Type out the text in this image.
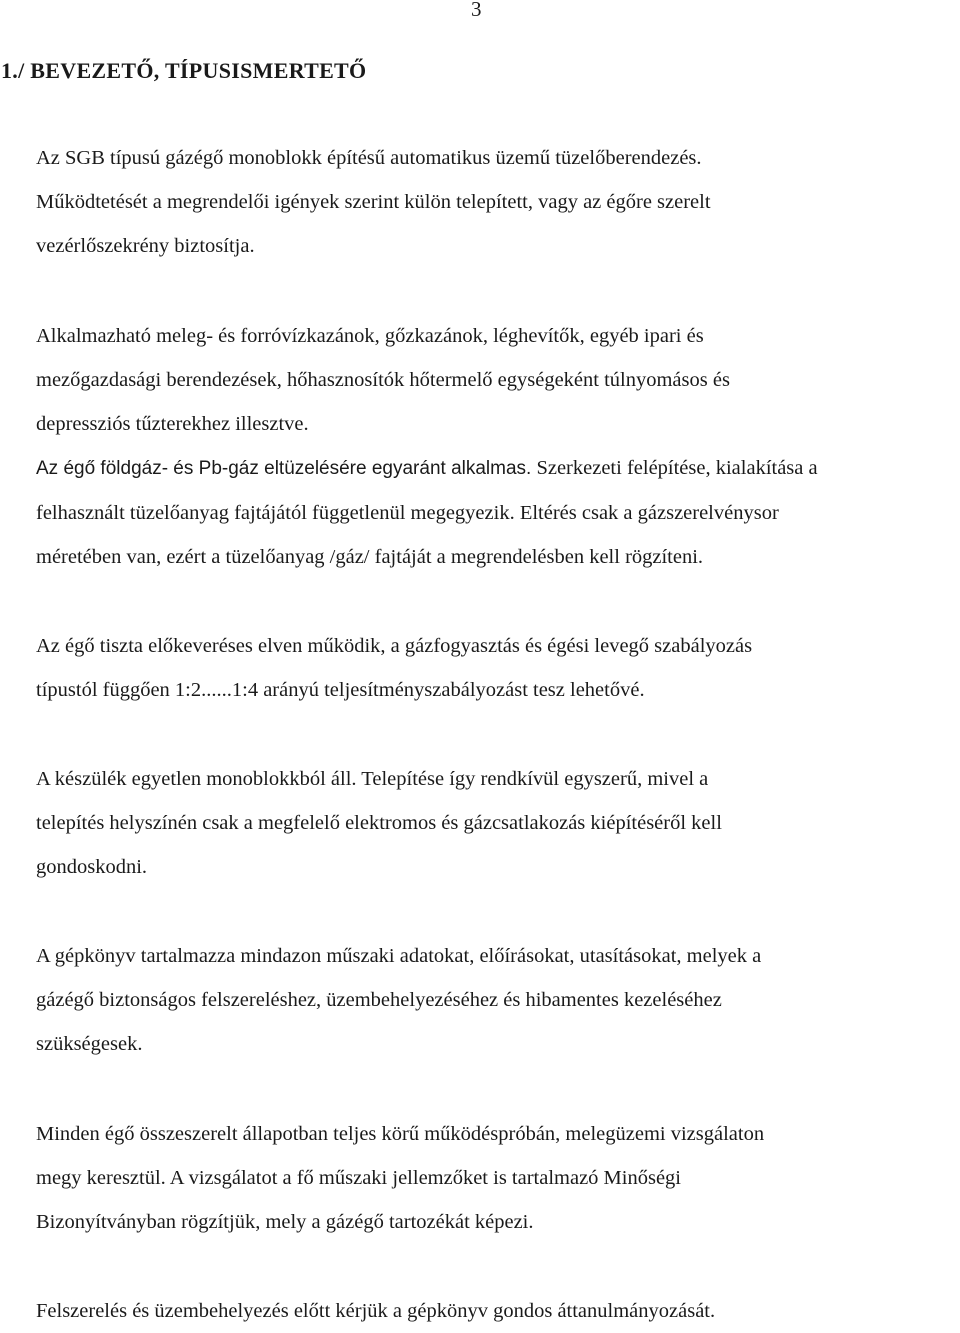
3
1./ BEVEZETŐ, TÍPUSISMERTETŐ

Az SGB típusú gázégő monoblokk építésű automatikus üzemű tüzelőberendezés.
Működtetését a megrendelői igények szerint külön telepített, vagy az égőre szerelt
vezérlőszekrény biztosítja.

Alkalmazható meleg- és forróvízkazánok, gőzkazánok, léghevítők, egyéb ipari és
mezőgazdasági berendezések, hőhasznosítók hőtermelő egységeként túlnyomásos és
depressziós tűzterekhez illesztve.

Az égő földgáz- és Pb-gáz eltüzelésére egyaránt alkalmas. Szerkezeti felépítése, kialakítása a
felhasznált tüzelőanyag fajtájától függetlenül megegyezik. Eltérés csak a gázszerelvénysor
méretében van, ezért a tüzelőanyag /gáz/ fajtáját a megrendelésben kell rögzíteni.

Az égő tiszta előkeveréses elven működik, a gázfogyasztás és égési levegő szabályozás
típustól függően 1:2......1:4 arányú teljesítményszabályozást tesz lehetővé.

A készülék egyetlen monoblokkból áll. Telepítése így rendkívül egyszerű, mivel a
telepítés helyszínén csak a megfelelő elektromos és gázcsatlakozás kiépítéséről kell
gondoskodni.

A gépkönyv tartalmazza mindazon műszaki adatokat, előírásokat, utasításokat, melyek a
gázégő biztonságos felszereléshez, üzembehelyezéséhez és hibamentes kezeléséhez
szükségesek.

Minden égő összeszerelt állapotban teljes körű működéspróbán, melegüzemi vizsgálaton
megy keresztül. A vizsgálatot a fő műszaki jellemzőket is tartalmazó Minőségi
Bizonyítványban rögzítjük, mely a gázégő tartozékát képezi.

Felszerelés és üzembehelyezés előtt kérjük a gépkönyv gondos áttanulmányozását.
